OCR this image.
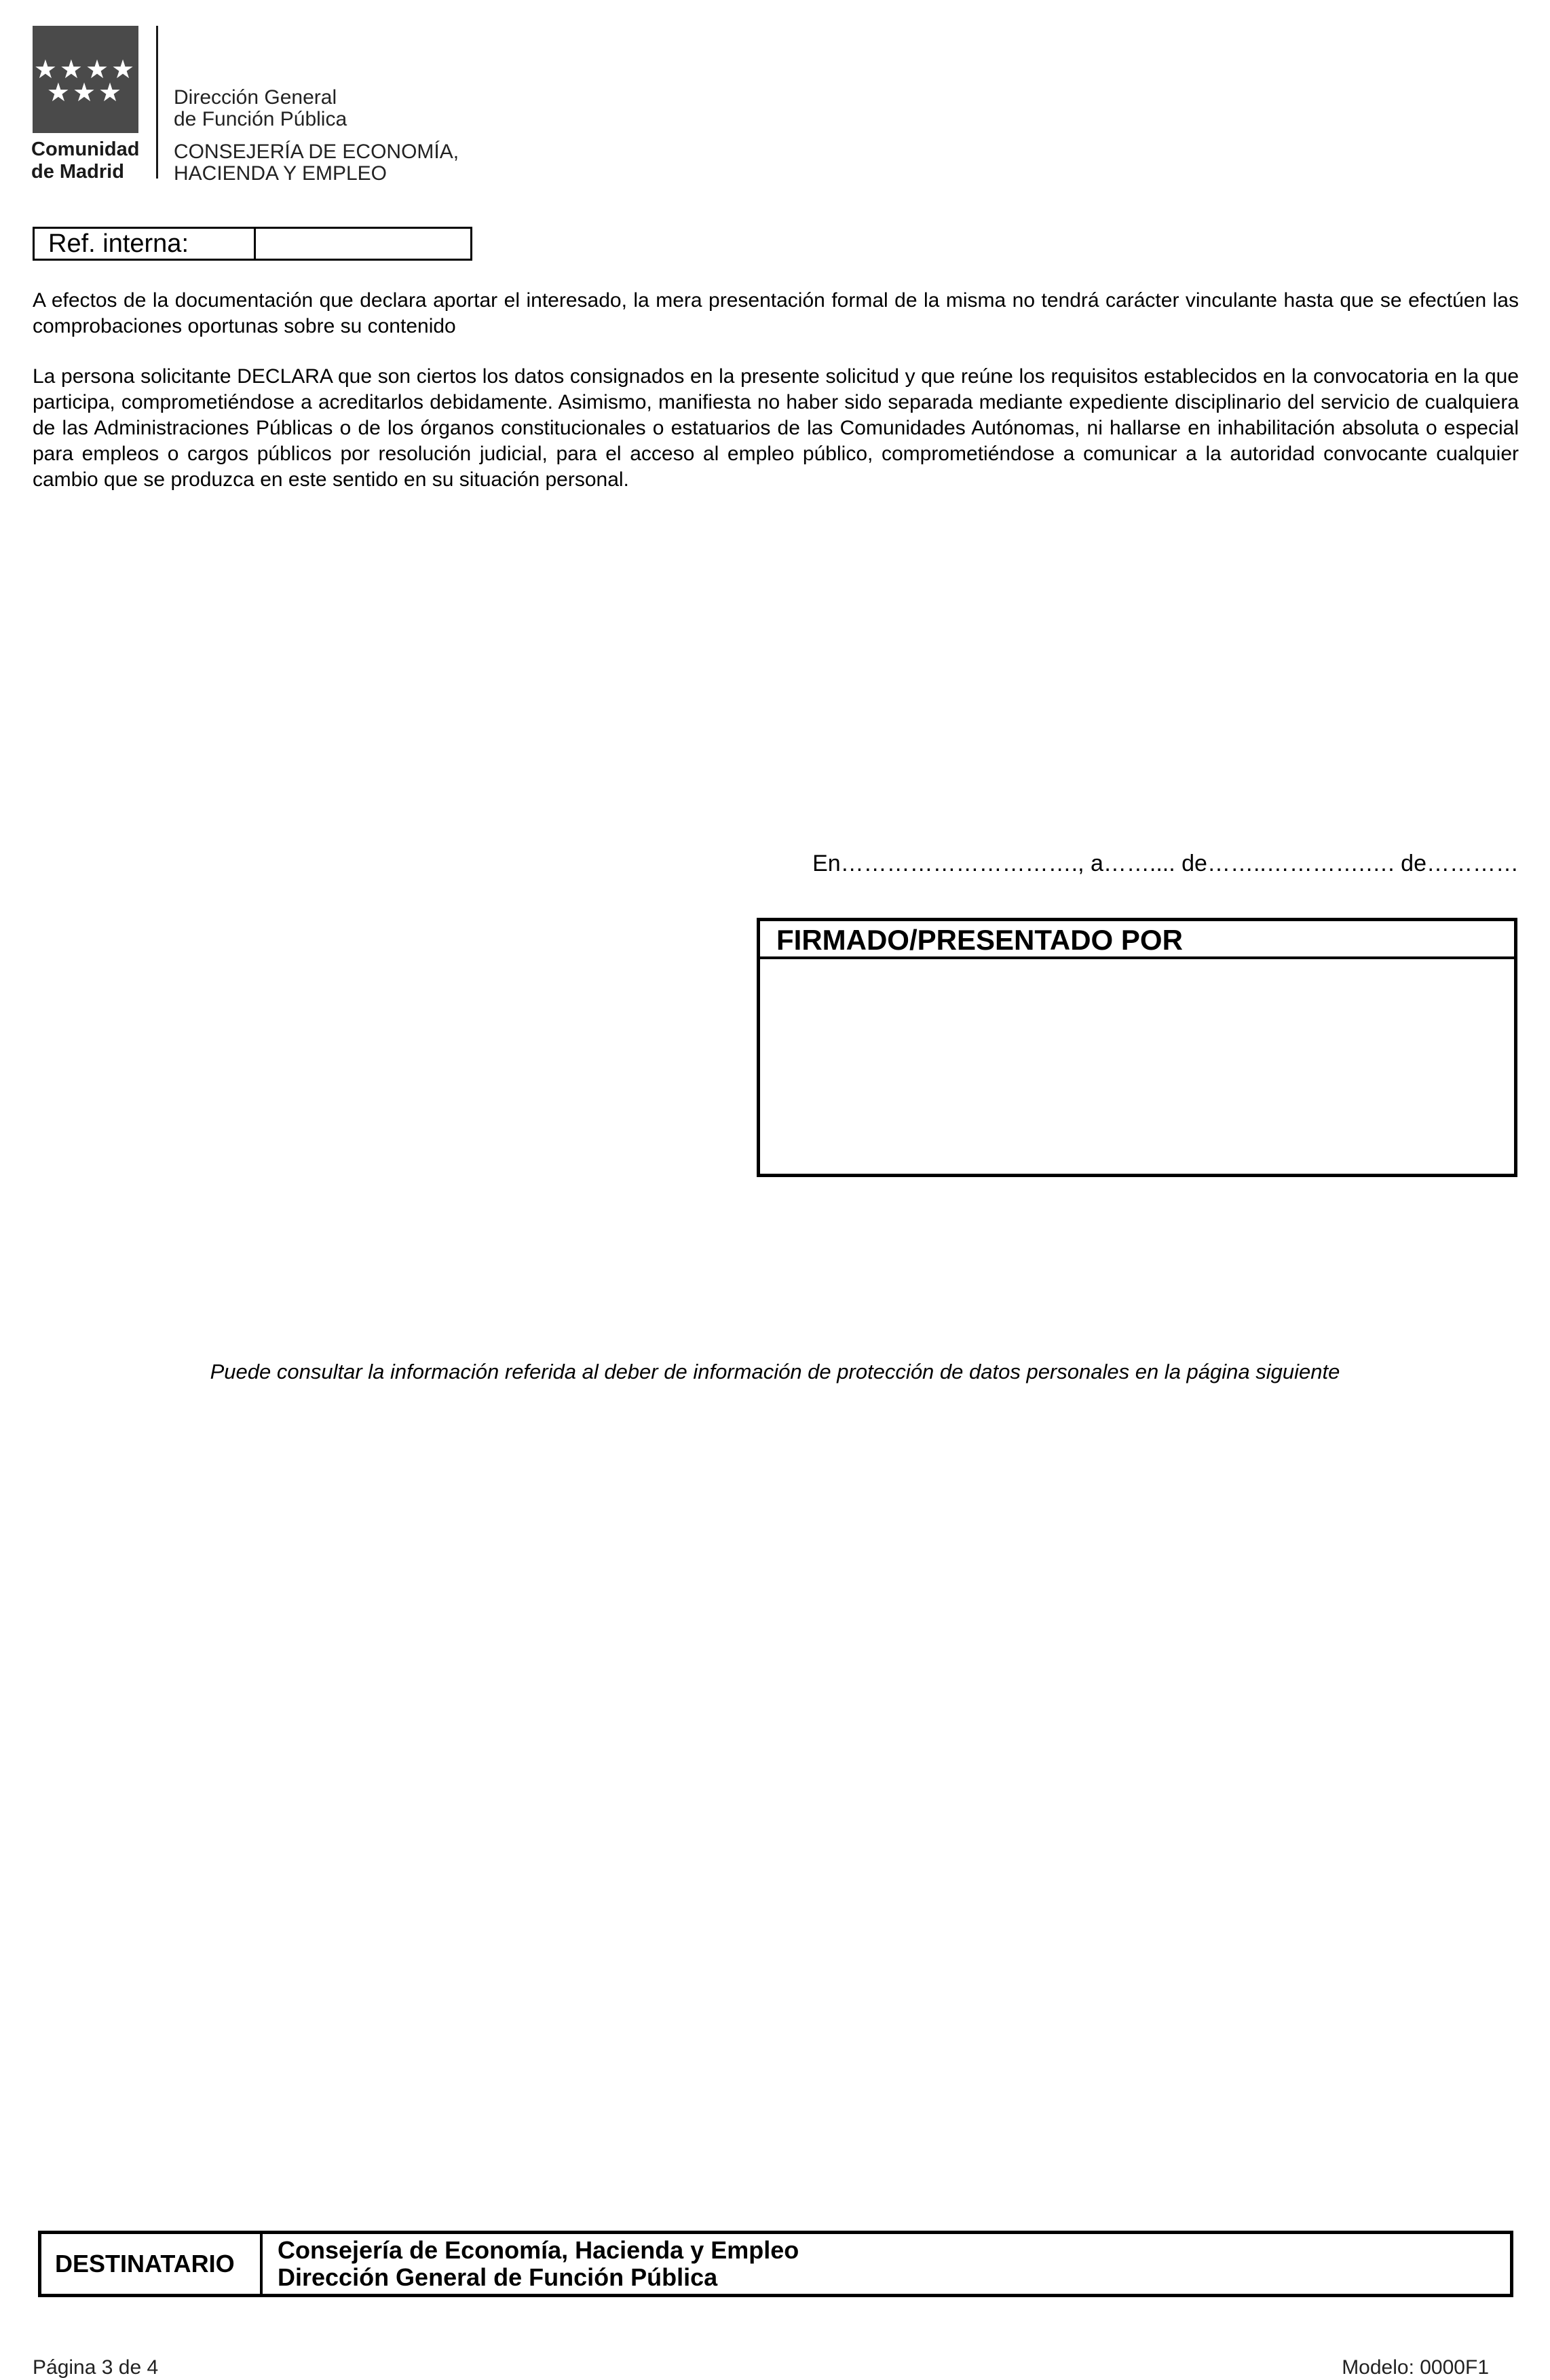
★★★★
★★★
Comunidad
de Madrid
Dirección General
de Función Pública
CONSEJERÍA DE ECONOMÍA,
HACIENDA Y EMPLEO
Ref. interna:
A efectos de la documentación que declara aportar el interesado, la mera presentación formal de la misma no tendrá carácter vinculante hasta que se efectúen las comprobaciones oportunas sobre su contenido
La persona solicitante DECLARA que son ciertos los datos consignados en la presente solicitud y que reúne los requisitos establecidos en la convocatoria en la que participa, comprometiéndose a acreditarlos debidamente. Asimismo, manifiesta no haber sido separada mediante expediente disciplinario del servicio de cualquiera de las Administraciones Públicas o de los órganos constitucionales o estatuarios de las Comunidades Autónomas, ni hallarse en inhabilitación absoluta o especial para empleos o cargos públicos por resolución judicial, para el acceso al empleo público, comprometiéndose a comunicar a la autoridad convocante cualquier cambio que se produzca en este sentido en su situación personal.
En…………………………., a…….... de……..………….…. de…………
FIRMADO/PRESENTADO POR
Puede consultar la información referida al deber de información de protección de datos personales en la página siguiente
DESTINATARIO	Consejería de Economía, Hacienda y Empleo
Dirección General de Función Pública
Página 3 de 4	Modelo: 0000F1
